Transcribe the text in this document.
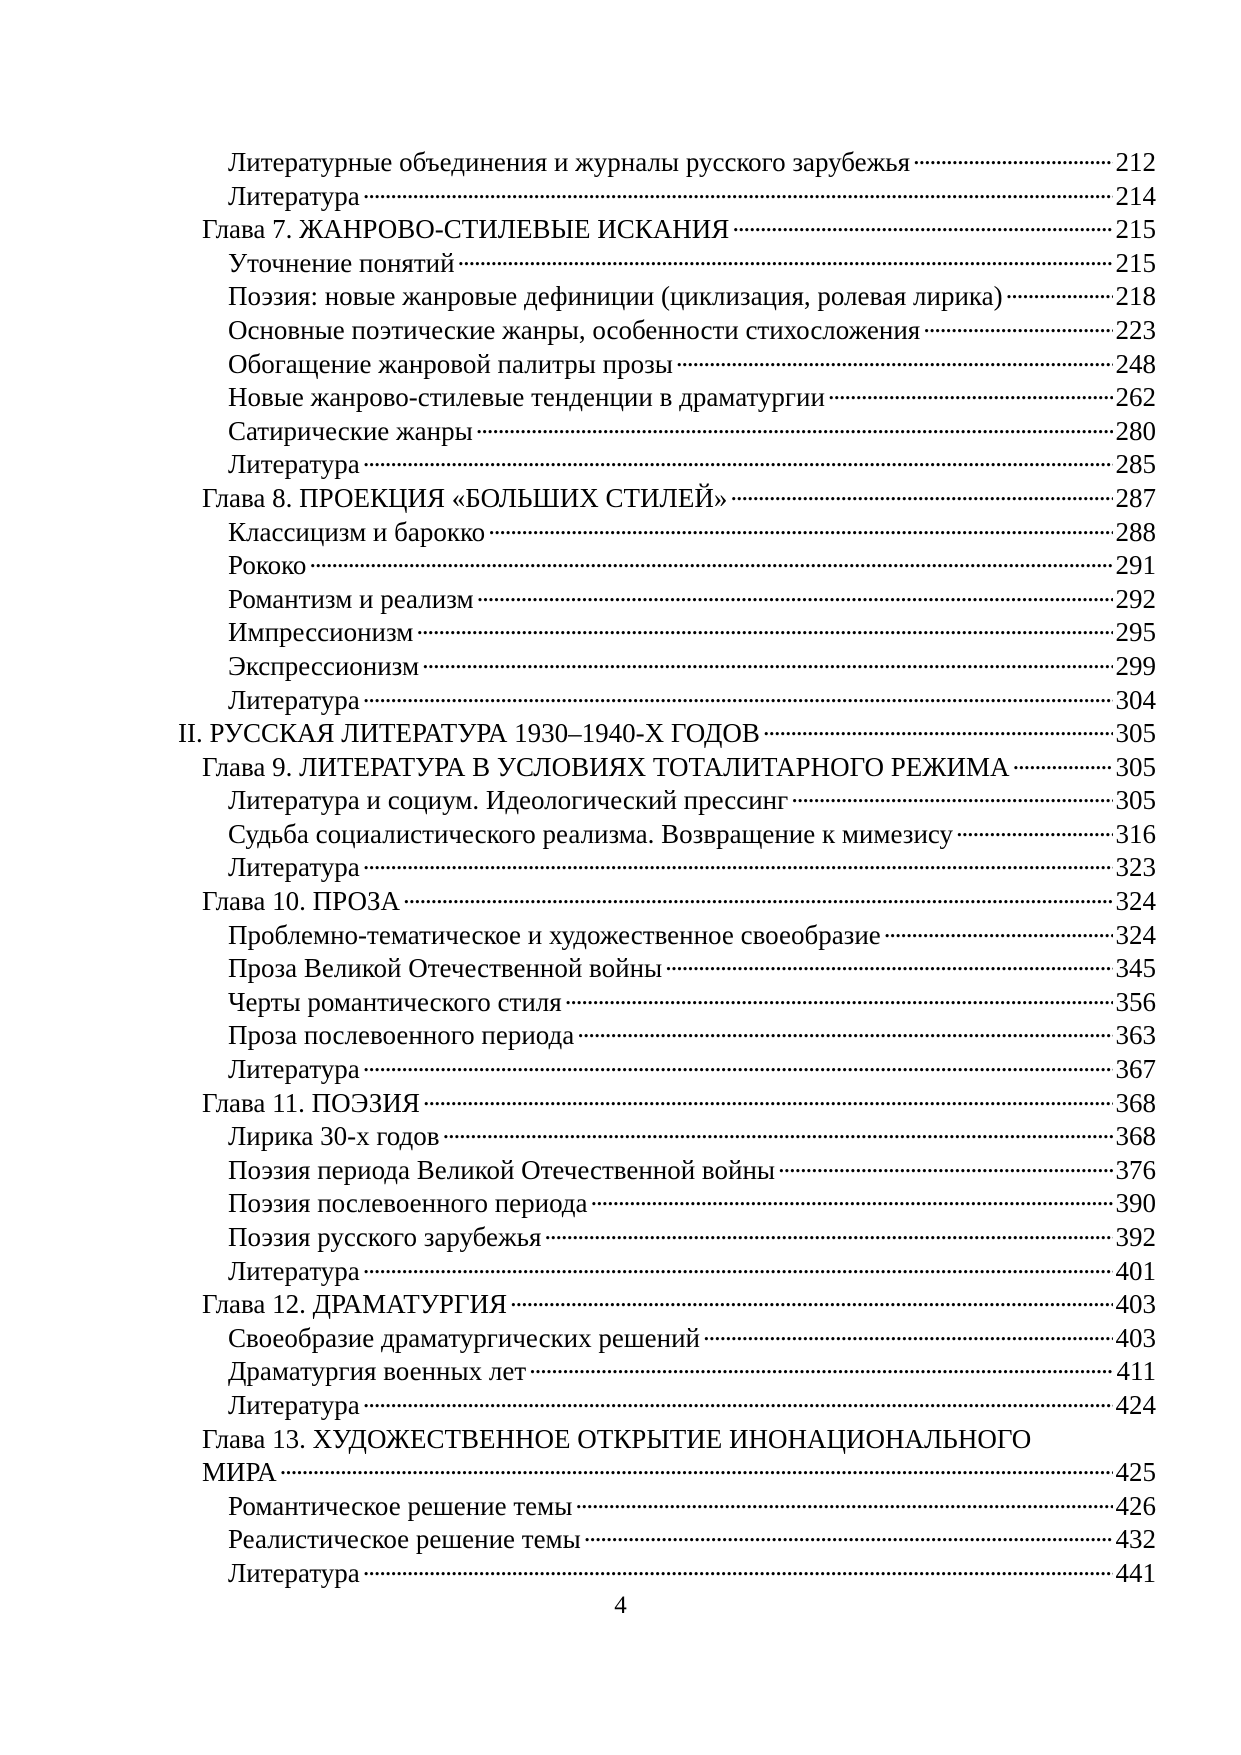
Литературные объединения и журналы русского зарубежья . . .	212
Литература . . .	214
Глава 7. ЖАНРОВО-СТИЛЕВЫЕ ИСКАНИЯ . . .	215
Уточнение понятий . . .	215
Поэзия: новые жанровые дефиниции (циклизация, ролевая лирика) . . .	218
Основные поэтические жанры, особенности стихосложения . . .	223
Обогащение жанровой палитры прозы . . .	248
Новые жанрово-стилевые тенденции в драматургии . . .	262
Сатирические жанры . . .	280
Литература . . .	285
Глава 8. ПРОЕКЦИЯ «БОЛЬШИХ СТИЛЕЙ» . . .	287
Классицизм и барокко . . .	288
Рококо . . .	291
Романтизм и реализм . . .	292
Импрессионизм . . .	295
Экспрессионизм . . .	299
Литература . . .	304
II. РУССКАЯ ЛИТЕРАТУРА 1930–1940-Х ГОДОВ . . .	305
Глава 9. ЛИТЕРАТУРА В УСЛОВИЯХ ТОТАЛИТАРНОГО РЕЖИМА . . .	305
Литература и социум. Идеологический прессинг . . .	305
Судьба социалистического реализма. Возвращение к мимезису . . .	316
Литература . . .	323
Глава 10. ПРОЗА . . .	324
Проблемно-тематическое и художественное своеобразие . . .	324
Проза Великой Отечественной войны . . .	345
Черты романтического стиля . . .	356
Проза послевоенного периода . . .	363
Литература . . .	367
Глава 11. ПОЭЗИЯ . . .	368
Лирика 30-х годов . . .	368
Поэзия периода Великой Отечественной войны . . .	376
Поэзия послевоенного периода . . .	390
Поэзия русского зарубежья . . .	392
Литература . . .	401
Глава 12. ДРАМАТУРГИЯ . . .	403
Своеобразие драматургических решений . . .	403
Драматургия военных лет . . .	411
Литература . . .	424
Глава 13. ХУДОЖЕСТВЕННОЕ ОТКРЫТИЕ ИНОНАЦИОНАЛЬНОГО
МИРА . . .	425
Романтическое решение темы . . .	426
Реалистическое решение темы . . .	432
Литература . . .	441
4
